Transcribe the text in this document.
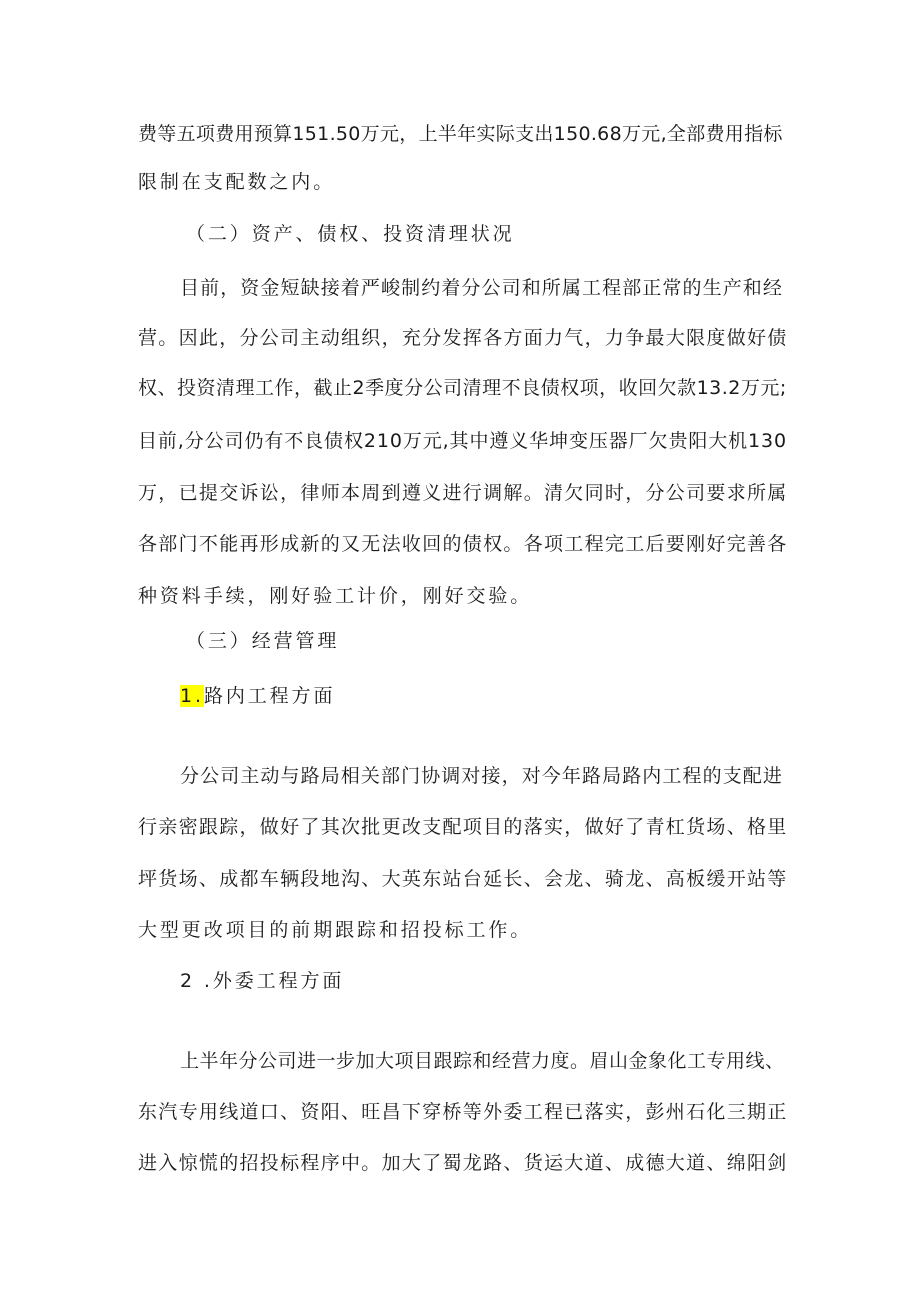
费等五项费用预算151.50万元，上半年实际支出150.68万元,全部费用指标
限制在支配数之内。
（二）资产、债权、投资清理状况
目前，资金短缺接着严峻制约着分公司和所属工程部正常的生产和经
营。因此，分公司主动组织，充分发挥各方面力气，力争最大限度做好债
权、投资清理工作，截止2季度分公司清理不良债权项，收回欠款13.2万元;
目前,分公司仍有不良债权210万元,其中遵义华坤变压器厂欠贵阳大机130
万，已提交诉讼，律师本周到遵义进行调解。清欠同时，分公司要求所属
各部门不能再形成新的又无法收回的债权。各项工程完工后要刚好完善各
种资料手续，刚好验工计价，刚好交验。
（三）经营管理
1.路内工程方面
分公司主动与路局相关部门协调对接，对今年路局路内工程的支配进
行亲密跟踪，做好了其次批更改支配项目的落实，做好了青杠货场、格里
坪货场、成都车辆段地沟、大英东站台延长、会龙、骑龙、高板缓开站等
大型更改项目的前期跟踪和招投标工作。
2 .外委工程方面
上半年分公司进一步加大项目跟踪和经营力度。眉山金象化工专用线、
东汽专用线道口、资阳、旺昌下穿桥等外委工程已落实，彭州石化三期正
进入惊慌的招投标程序中。加大了蜀龙路、货运大道、成德大道、绵阳剑
